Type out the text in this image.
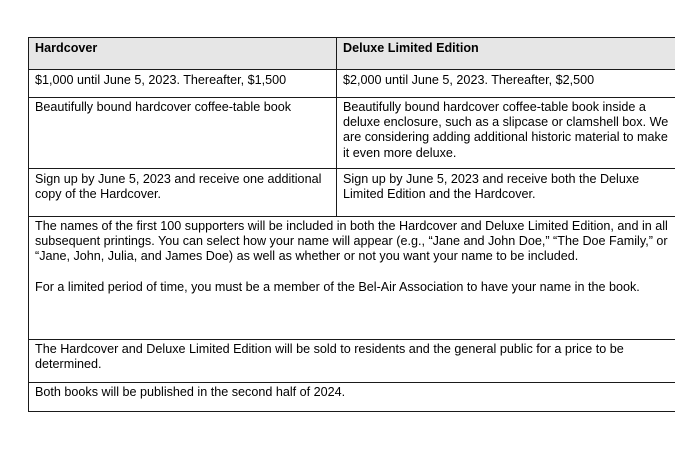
Hardcover	Deluxe Limited Edition
$1,000 until June 5, 2023. Thereafter, $1,500	$2,000 until June 5, 2023. Thereafter, $2,500
Beautifully bound hardcover coffee-table book	Beautifully bound hardcover coffee-table book inside a deluxe enclosure, such as a slipcase or clamshell box. We are considering adding additional historic material to make it even more deluxe.
Sign up by June 5, 2023 and receive one additional copy of the Hardcover.	Sign up by June 5, 2023 and receive both the Deluxe Limited Edition and the Hardcover.

The names of the first 100 supporters will be included in both the Hardcover and Deluxe Limited Edition, and in all subsequent printings. You can select how your name will appear (e.g., “Jane and John Doe,” “The Doe Family,” or “Jane, John, Julia, and James Doe) as well as whether or not you want your name to be included.

For a limited period of time, you must be a member of the Bel-Air Association to have your name in the book.	

The Hardcover and Deluxe Limited Edition will be sold to residents and the general public for a price to be determined.	
Both books will be published in the second half of 2024.	
